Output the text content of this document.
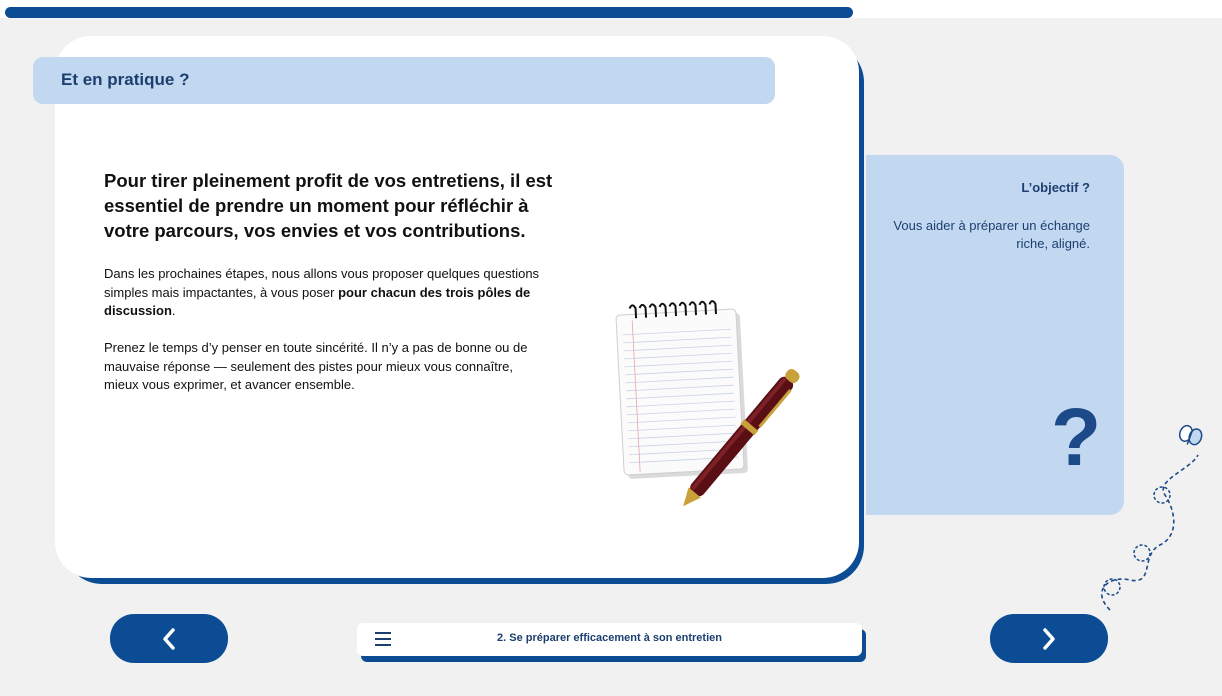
Et en pratique ?
Pour tirer pleinement profit de vos entretiens, il est essentiel de prendre un moment pour réfléchir à votre parcours, vos envies et vos contributions.
Dans les prochaines étapes, nous allons vous proposer quelques questions simples mais impactantes, à vous poser pour chacun des trois pôles de discussion.
Prenez le temps d’y penser en toute sincérité. Il n’y a pas de bonne ou de mauvaise réponse — seulement des pistes pour mieux vous connaître, mieux vous exprimer, et avancer ensemble.
L’objectif ?
Vous aider à préparer un échange riche, aligné.
?
2. Se préparer efficacement à son entretien
